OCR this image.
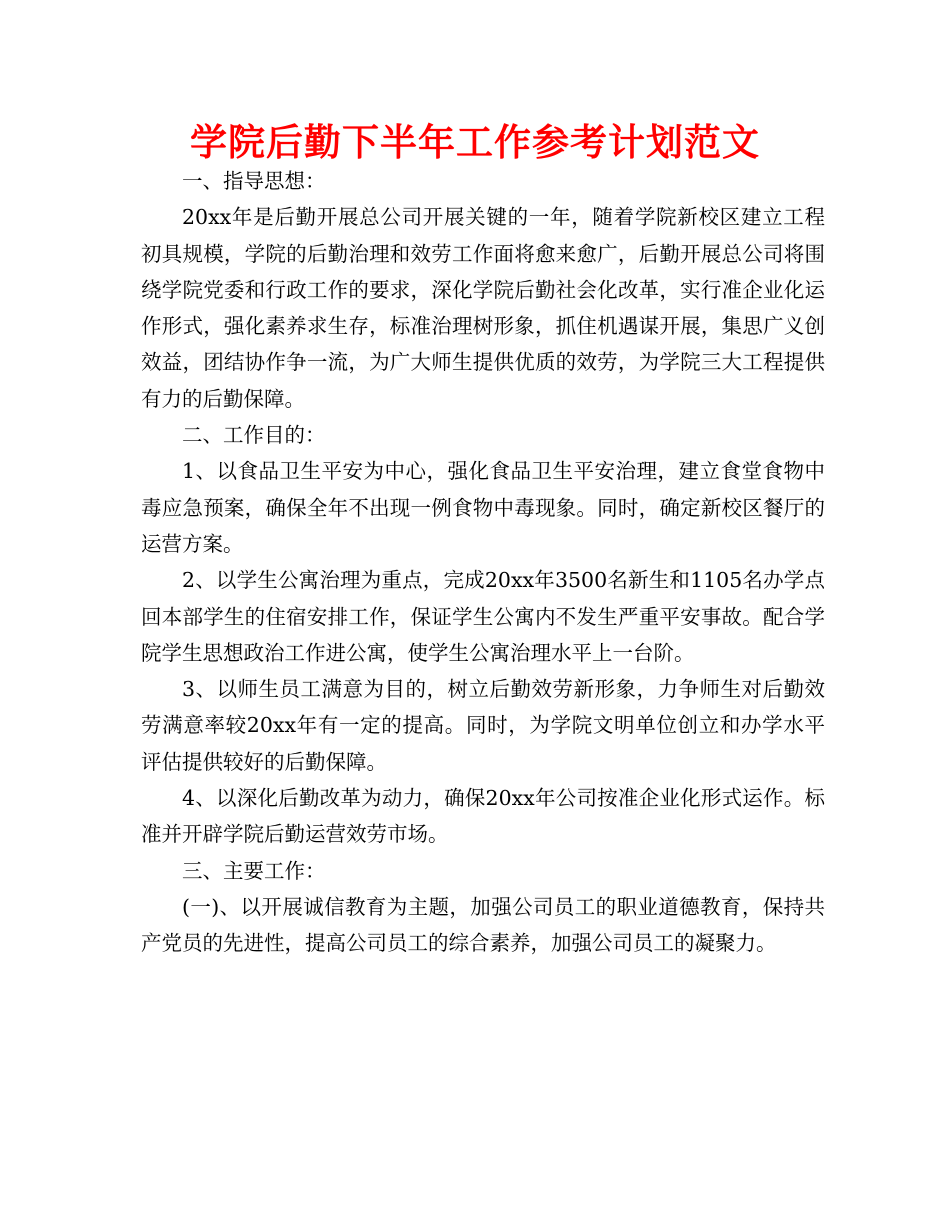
学院后勤下半年工作参考计划范文

一、指导思想：

20xx年是后勤开展总公司开展关键的一年，随着学院新校区建立工程初具规模，学院的后勤治理和效劳工作面将愈来愈广，后勤开展总公司将围绕学院党委和行政工作的要求，深化学院后勤社会化改革，实行准企业化运作形式，强化素养求生存，标准治理树形象，抓住机遇谋开展，集思广义创效益，团结协作争一流，为广大师生提供优质的效劳，为学院三大工程提供有力的后勤保障。

二、工作目的：

1、以食品卫生平安为中心，强化食品卫生平安治理，建立食堂食物中毒应急预案，确保全年不出现一例食物中毒现象。同时，确定新校区餐厅的运营方案。

2、以学生公寓治理为重点，完成20xx年3500名新生和1105名办学点回本部学生的住宿安排工作，保证学生公寓内不发生严重平安事故。配合学院学生思想政治工作进公寓，使学生公寓治理水平上一台阶。

3、以师生员工满意为目的，树立后勤效劳新形象，力争师生对后勤效劳满意率较20xx年有一定的提高。同时，为学院文明单位创立和办学水平评估提供较好的后勤保障。

4、以深化后勤改革为动力，确保20xx年公司按准企业化形式运作。标准并开辟学院后勤运营效劳市场。

三、主要工作：

(一)、以开展诚信教育为主题，加强公司员工的职业道德教育，保持共产党员的先进性，提高公司员工的综合素养，加强公司员工的凝聚力。
